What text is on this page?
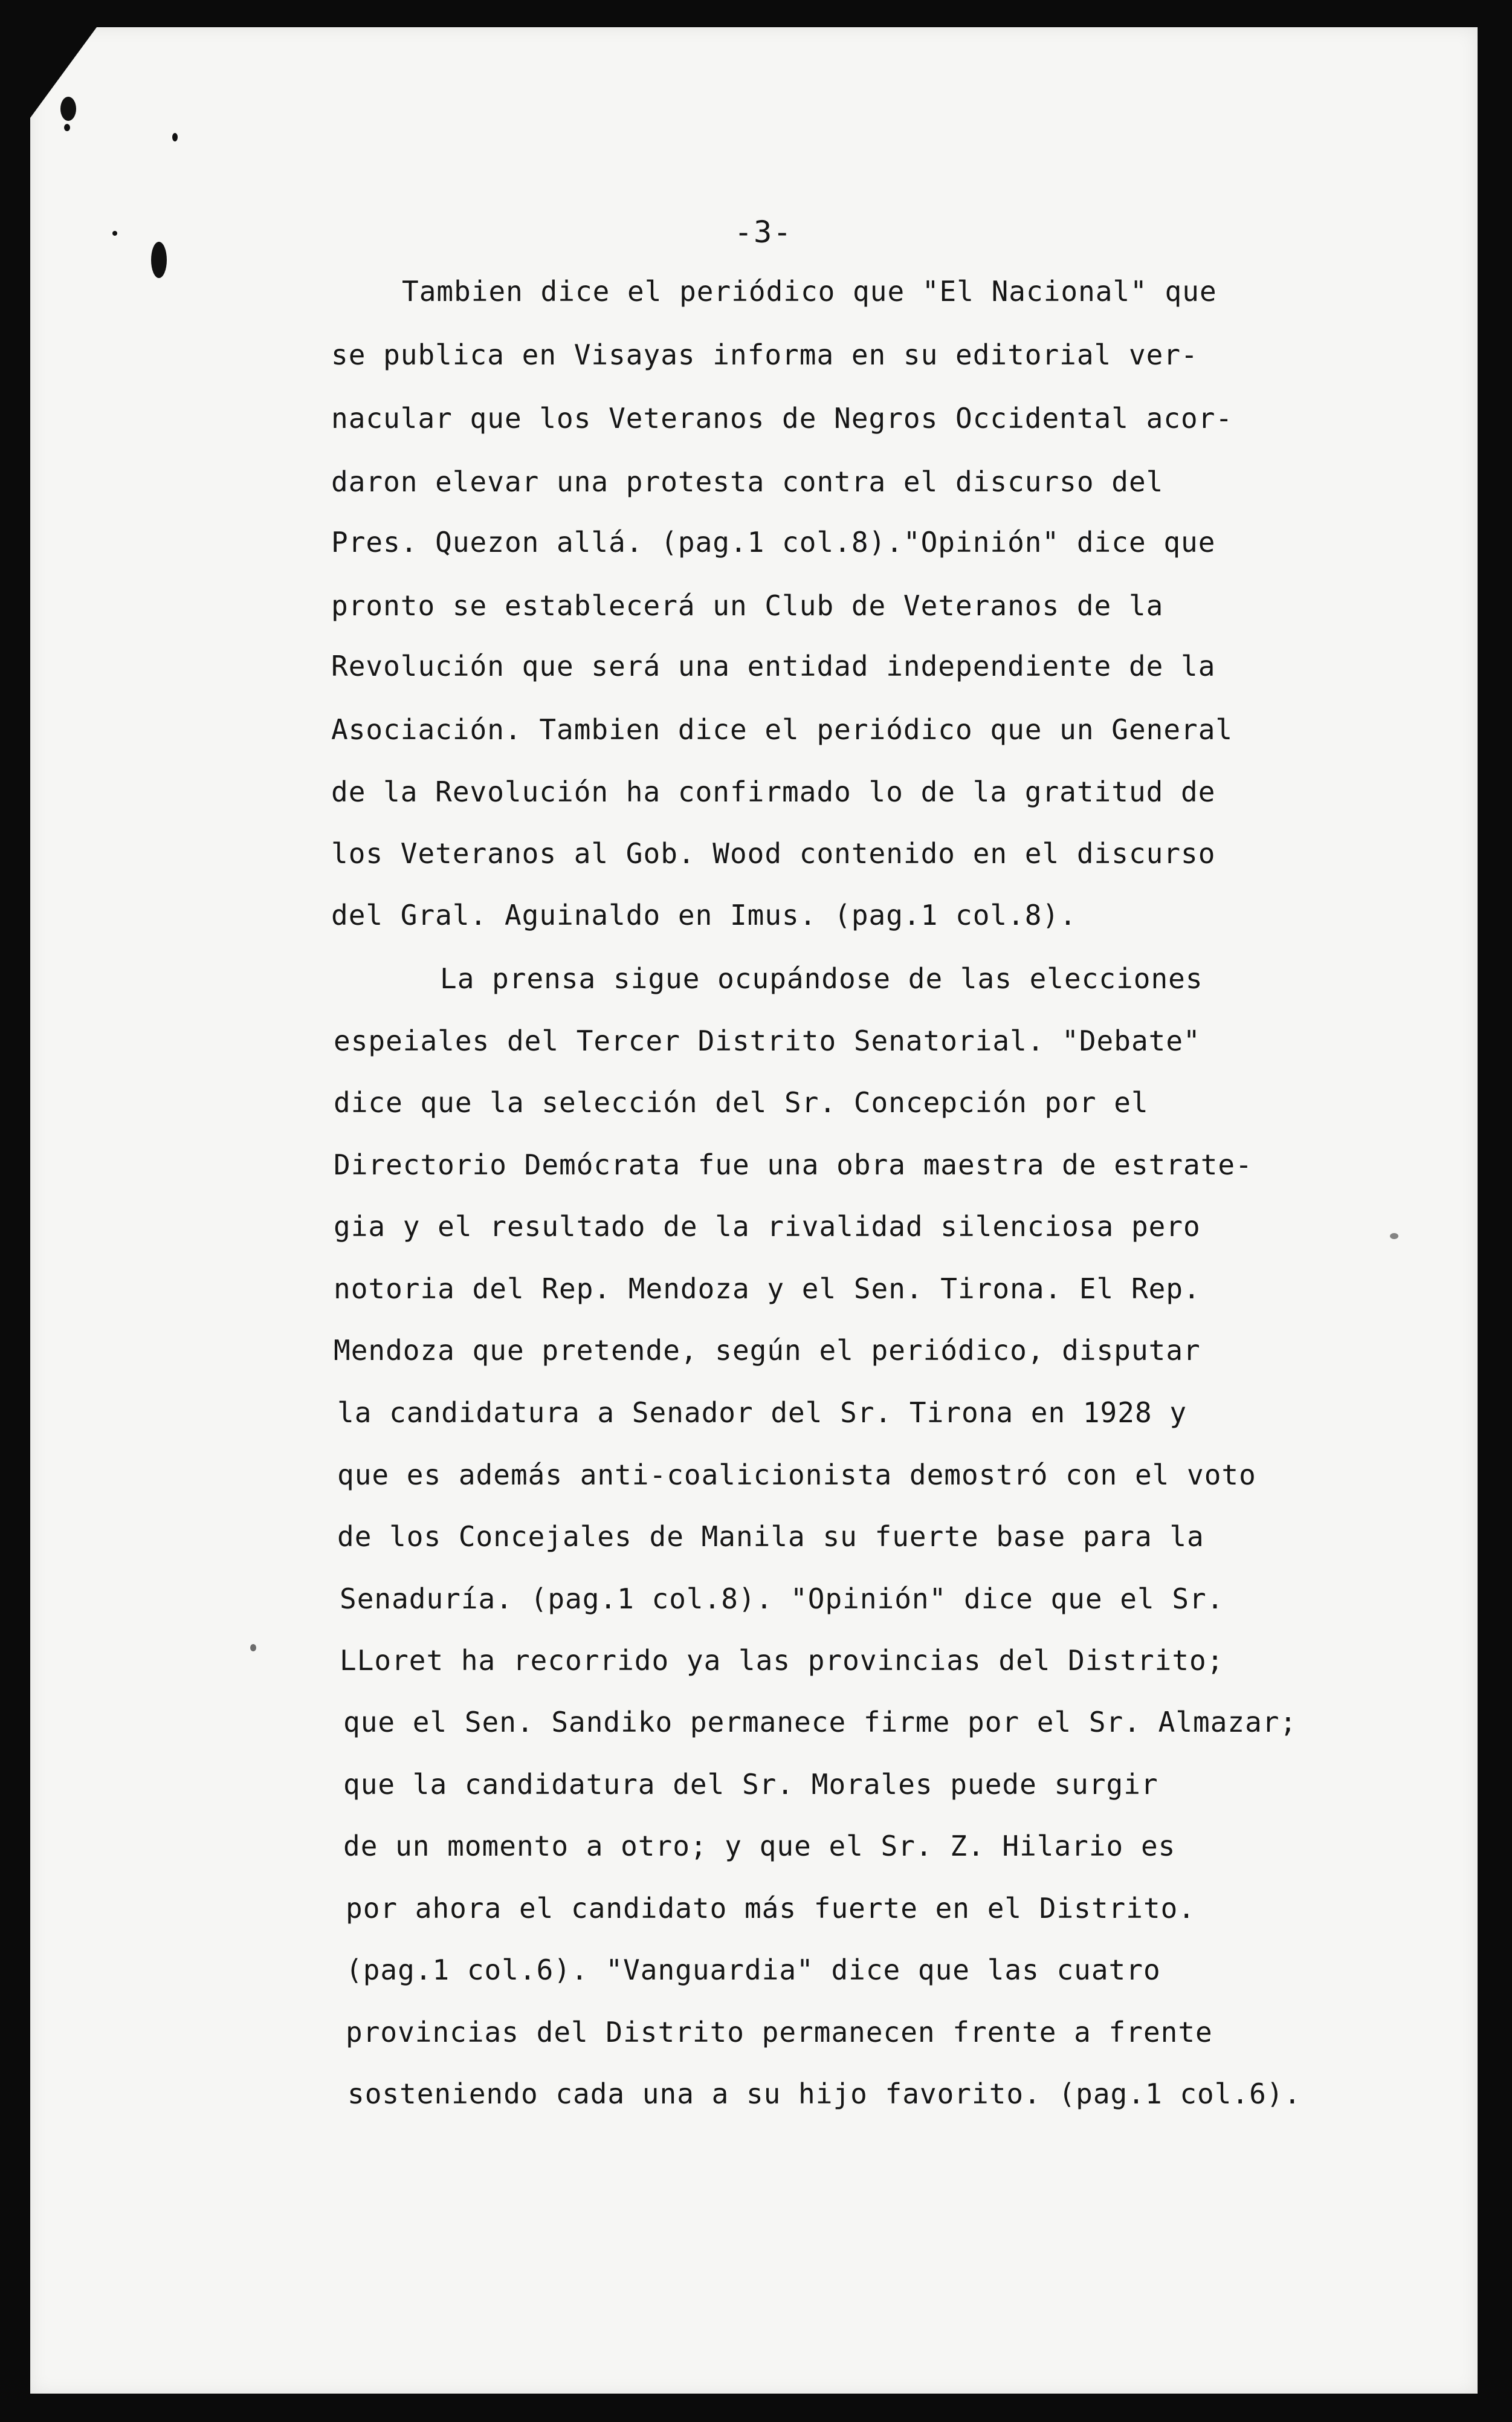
-3-
Tambien dice el periódico que "El Nacional" que
se publica en Visayas informa en su editorial ver-
nacular que los Veteranos de Negros Occidental acor-
daron elevar una protesta contra el discurso del
Pres. Quezon allá. (pag.1 col.8)."Opinión" dice que
pronto se establecerá un Club de Veteranos de la
Revolución que será una entidad independiente de la
Asociación. Tambien dice el periódico que un General
de la Revolución ha confirmado lo de la gratitud de
los Veteranos al Gob. Wood contenido en el discurso
del Gral. Aguinaldo en Imus. (pag.1 col.8).
La prensa sigue ocupándose de las elecciones
espeiales del Tercer Distrito Senatorial. "Debate"
dice que la selección del Sr. Concepción por el
Directorio Demócrata fue una obra maestra de estrate-
gia y el resultado de la rivalidad silenciosa pero
notoria del Rep. Mendoza y el Sen. Tirona. El Rep.
Mendoza que pretende, según el periódico, disputar
la candidatura a Senador del Sr. Tirona en 1928 y
que es además anti-coalicionista demostró con el voto
de los Concejales de Manila su fuerte base para la
Senaduría. (pag.1 col.8). "Opinión" dice que el Sr.
LLoret ha recorrido ya las provincias del Distrito;
que el Sen. Sandiko permanece firme por el Sr. Almazar;
que la candidatura del Sr. Morales puede surgir
de un momento a otro; y que el Sr. Z. Hilario es
por ahora el candidato más fuerte en el Distrito.
(pag.1 col.6). "Vanguardia" dice que las cuatro
provincias del Distrito permanecen frente a frente
sosteniendo cada una a su hijo favorito. (pag.1 col.6).
